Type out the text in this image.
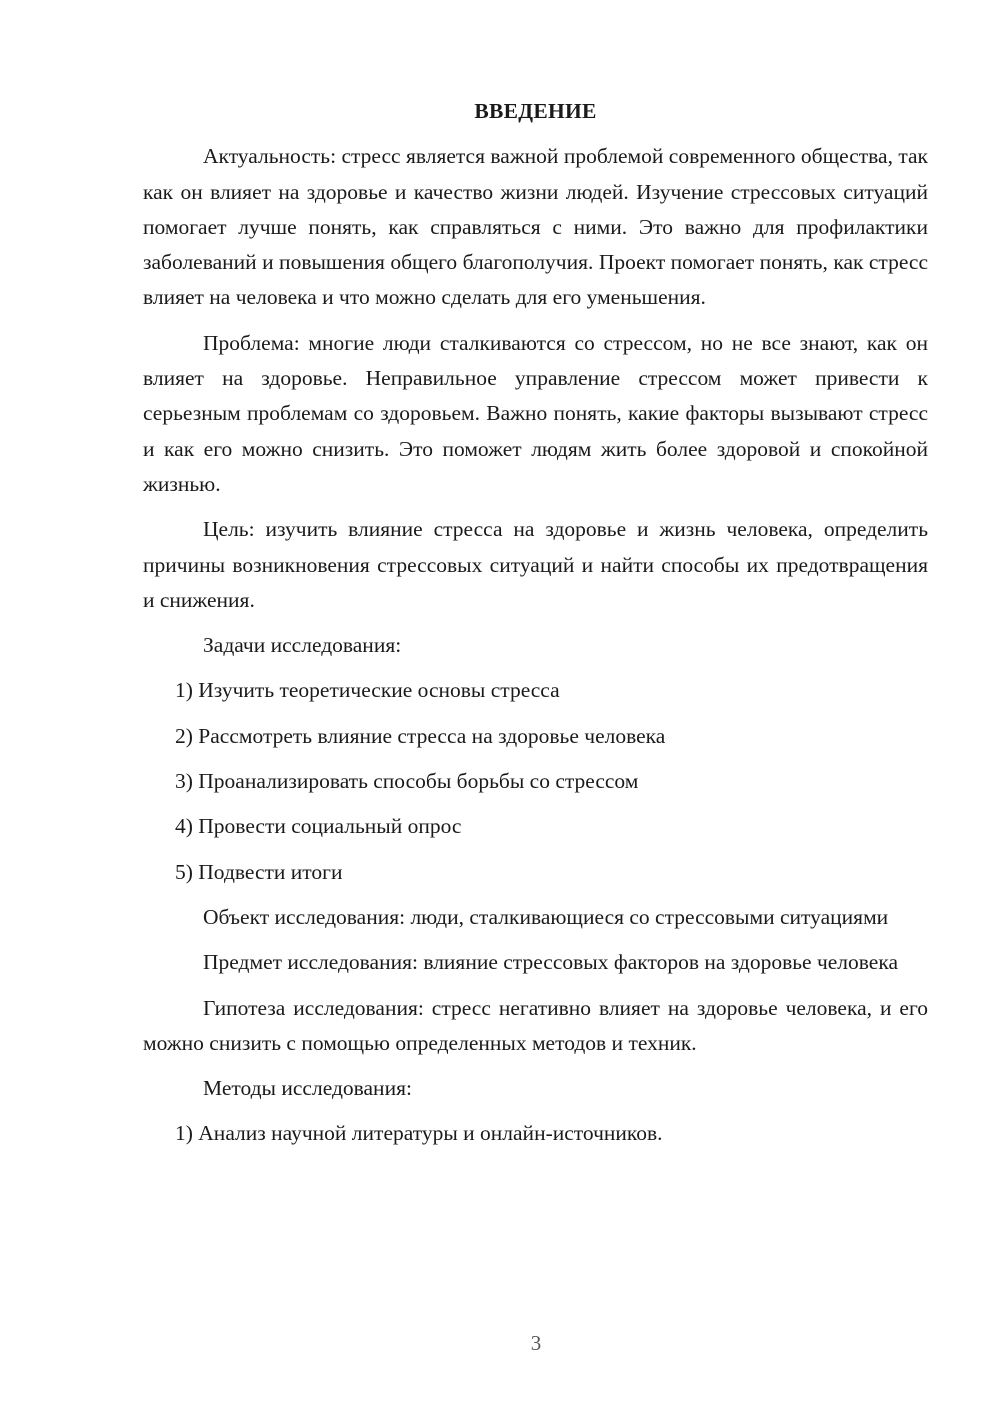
ВВЕДЕНИЕ

Актуальность: стресс является важной проблемой современного общества, так как он влияет на здоровье и качество жизни людей. Изучение стрессовых ситуаций помогает лучше понять, как справляться с ними. Это важно для профилактики заболеваний и повышения общего благополучия. Проект помогает понять, как стресс влияет на человека и что можно сделать для его уменьшения.

Проблема: многие люди сталкиваются со стрессом, но не все знают, как он влияет на здоровье. Неправильное управление стрессом может привести к серьезным проблемам со здоровьем. Важно понять, какие факторы вызывают стресс и как его можно снизить. Это поможет людям жить более здоровой и спокойной жизнью.

Цель: изучить влияние стресса на здоровье и жизнь человека, определить причины возникновения стрессовых ситуаций и найти способы их предотвращения и снижения.

Задачи исследования:

1) Изучить теоретические основы стресса
2) Рассмотреть влияние стресса на здоровье человека
3) Проанализировать способы борьбы со стрессом
4) Провести социальный опрос
5) Подвести итоги

Объект исследования: люди, сталкивающиеся со стрессовыми ситуациями

Предмет исследования: влияние стрессовых факторов на здоровье человека

Гипотеза исследования: стресс негативно влияет на здоровье человека, и его можно снизить с помощью определенных методов и техник.

Методы исследования:

1) Анализ научной литературы и онлайн-источников.
3
